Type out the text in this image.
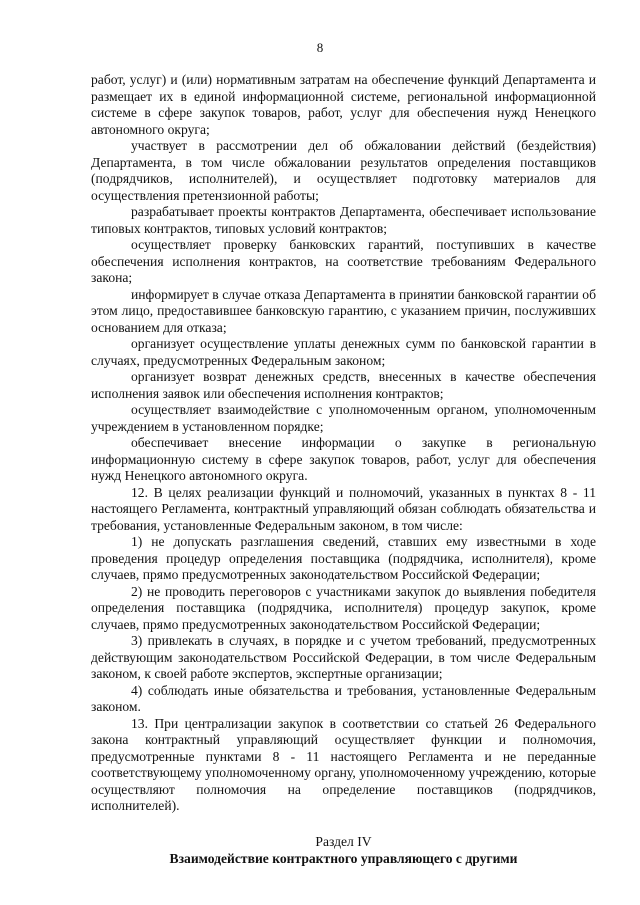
8

работ, услуг) и (или) нормативным затратам на обеспечение функций Департамента и размещает их в единой информационной системе, региональной информационной системе в сфере закупок товаров, работ, услуг для обеспечения нужд Ненецкого автономного округа;

участвует в рассмотрении дел об обжаловании действий (бездействия) Департамента, в том числе обжаловании результатов определения поставщиков (подрядчиков, исполнителей), и осуществляет подготовку материалов для осуществления претензионной работы;

разрабатывает проекты контрактов Департамента, обеспечивает использование типовых контрактов, типовых условий контрактов;

осуществляет проверку банковских гарантий, поступивших в качестве обеспечения исполнения контрактов, на соответствие требованиям Федерального закона;

информирует в случае отказа Департамента в принятии банковской гарантии об этом лицо, предоставившее банковскую гарантию, с указанием причин, послуживших основанием для отказа;

организует осуществление уплаты денежных сумм по банковской гарантии в случаях, предусмотренных Федеральным законом;

организует возврат денежных средств, внесенных в качестве обеспечения исполнения заявок или обеспечения исполнения контрактов;

осуществляет взаимодействие с уполномоченным органом, уполномоченным учреждением в установленном порядке;

обеспечивает внесение информации о закупке в региональную информационную систему в сфере закупок товаров, работ, услуг для обеспечения нужд Ненецкого автономного округа.

12. В целях реализации функций и полномочий, указанных в пунктах 8 - 11 настоящего Регламента, контрактный управляющий обязан соблюдать обязательства и требования, установленные Федеральным законом, в том числе:

1) не допускать разглашения сведений, ставших ему известными в ходе проведения процедур определения поставщика (подрядчика, исполнителя), кроме случаев, прямо предусмотренных законодательством Российской Федерации;

2) не проводить переговоров с участниками закупок до выявления победителя определения поставщика (подрядчика, исполнителя) процедур закупок, кроме случаев, прямо предусмотренных законодательством Российской Федерации;

3) привлекать в случаях, в порядке и с учетом требований, предусмотренных действующим законодательством Российской Федерации, в том числе Федеральным законом, к своей работе экспертов, экспертные организации;

4) соблюдать иные обязательства и требования, установленные Федеральным законом.

13. При централизации закупок в соответствии со статьей 26 Федерального закона контрактный управляющий осуществляет функции и полномочия, предусмотренные пунктами 8 - 11 настоящего Регламента и не переданные соответствующему уполномоченному органу, уполномоченному учреждению, которые осуществляют полномочия на определение поставщиков (подрядчиков, исполнителей).

Раздел IV
Взаимодействие контрактного управляющего с другими
